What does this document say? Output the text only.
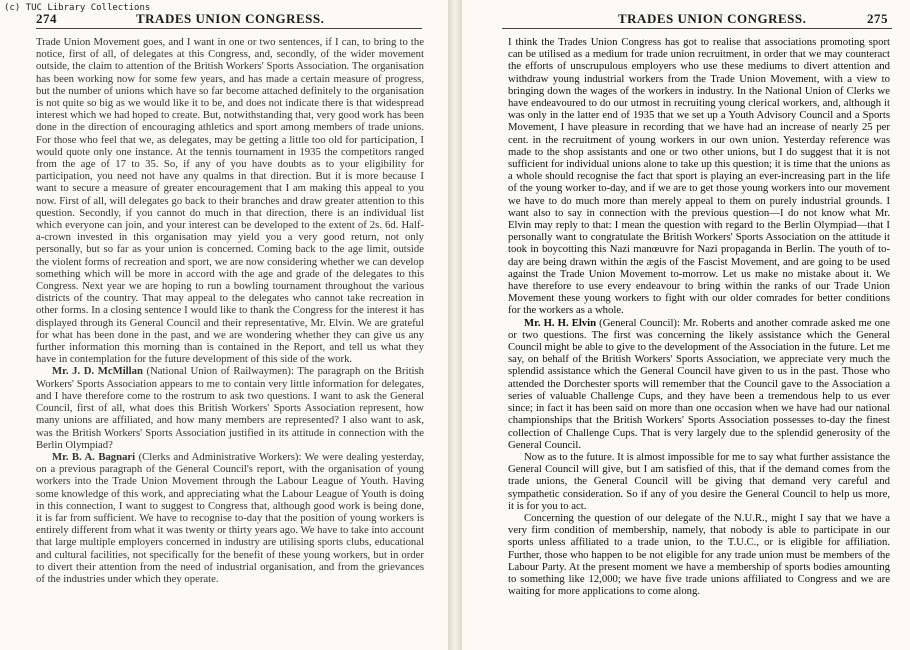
(c) TUC Library Collections
274	TRADES UNION CONGRESS.

Trade Union Movement goes, and I want in one or two sentences, if I can, to bring to the notice, first of all, of delegates at this Congress, and, secondly, of the wider movement outside, the claim to attention of the British Workers' Sports Association. The organisation has been working now for some few years, and has made a certain measure of progress, but the number of unions which have so far become attached definitely to the organisation is not quite so big as we would like it to be, and does not indicate there is that widespread interest which we had hoped to create. But, notwithstanding that, very good work has been done in the direction of encouraging athletics and sport among members of trade unions. For those who feel that we, as delegates, may be getting a little too old for participation, I would quote only one instance. At the tennis tournament in 1935 the competitors ranged from the age of 17 to 35. So, if any of you have doubts as to your eligibility for participation, you need not have any qualms in that direction. But it is more because I want to secure a measure of greater encouragement that I am making this appeal to you now. First of all, will delegates go back to their branches and draw greater attention to this question. Secondly, if you cannot do much in that direction, there is an individual list which everyone can join, and your interest can be developed to the extent of 2s. 6d. Half-a-crown invested in this organisation may yield you a very good return, not only personally, but so far as your union is concerned. Coming back to the age limit, outside the violent forms of recreation and sport, we are now considering whether we can develop something which will be more in accord with the age and grade of the delegates to this Congress. Next year we are hoping to run a bowling tournament throughout the various districts of the country. That may appeal to the delegates who cannot take recreation in other forms. In a closing sentence I would like to thank the Congress for the interest it has displayed through its General Council and their representative, Mr. Elvin. We are grateful for what has been done in the past, and we are wondering whether they can give us any further information this morning than is contained in the Report, and tell us what they have in contemplation for the future development of this side of the work.

Mr. J. D. McMillan (National Union of Railwaymen): The paragraph on the British Workers' Sports Association appears to me to contain very little information for delegates, and I have therefore come to the rostrum to ask two questions. I want to ask the General Council, first of all, what does this British Workers' Sports Association represent, how many unions are affiliated, and how many members are represented? I also want to ask, was the British Workers' Sports Association justified in its attitude in connection with the Berlin Olympiad?

Mr. B. A. Bagnari (Clerks and Administrative Workers): We were dealing yesterday, on a previous paragraph of the General Council's report, with the organisation of young workers into the Trade Union Movement through the Labour League of Youth. Having some knowledge of this work, and appreciating what the Labour League of Youth is doing in this connection, I want to suggest to Congress that, although good work is being done, it is far from sufficient. We have to recognise to-day that the position of young workers is entirely different from what it was twenty or thirty years ago. We have to take into account that large multiple employers concerned in industry are utilising sports clubs, educational and cultural facilities, not specifically for the benefit of these young workers, but in order to divert their attention from the need of industrial organisation, and from the grievances of the industries under which they operate.

TRADES UNION CONGRESS.	275

I think the Trades Union Congress has got to realise that associations promoting sport can be utilised as a medium for trade union recruitment, in order that we may counteract the efforts of unscrupulous employers who use these mediums to divert attention and withdraw young industrial workers from the Trade Union Movement, with a view to bringing down the wages of the workers in industry. In the National Union of Clerks we have endeavoured to do our utmost in recruiting young clerical workers, and, although it was only in the latter end of 1935 that we set up a Youth Advisory Council and a Sports Movement, I have pleasure in recording that we have had an increase of nearly 25 per cent. in the recruitment of young workers in our own union. Yesterday reference was made to the shop assistants and one or two other unions, but I do suggest that it is not sufficient for individual unions alone to take up this question; it is time that the unions as a whole should recognise the fact that sport is playing an ever-increasing part in the life of the young worker to-day, and if we are to get those young workers into our movement we have to do much more than merely appeal to them on purely industrial grounds. I want also to say in connection with the previous question—I do not know what Mr. Elvin may reply to that: I mean the question with regard to the Berlin Olympiad—that I personally want to congratulate the British Workers' Sports Association on the attitude it took in boycotting this Nazi manœuvre for Nazi propaganda in Berlin. The youth of to-day are being drawn within the ægis of the Fascist Movement, and are going to be used against the Trade Union Movement to-morrow. Let us make no mistake about it. We have therefore to use every endeavour to bring within the ranks of our Trade Union Movement these young workers to fight with our older comrades for better conditions for the workers as a whole.

Mr. H. H. Elvin (General Council): Mr. Roberts and another comrade asked me one or two questions. The first was concerning the likely assistance which the General Council might be able to give to the development of the Association in the future. Let me say, on behalf of the British Workers' Sports Association, we appreciate very much the splendid assistance which the General Council have given to us in the past. Those who attended the Dorchester sports will remember that the Council gave to the Association a series of valuable Challenge Cups, and they have been a tremendous help to us ever since; in fact it has been said on more than one occasion when we have had our national championships that the British Workers' Sports Association possesses to-day the finest collection of Challenge Cups. That is very largely due to the splendid generosity of the General Council.

Now as to the future. It is almost impossible for me to say what further assistance the General Council will give, but I am satisfied of this, that if the demand comes from the trade unions, the General Council will be giving that demand very careful and sympathetic consideration. So if any of you desire the General Council to help us more, it is for you to act.

Concerning the question of our delegate of the N.U.R., might I say that we have a very firm condition of membership, namely, that nobody is able to participate in our sports unless affiliated to a trade union, to the T.U.C., or is eligible for affiliation. Further, those who happen to be not eligible for any trade union must be members of the Labour Party. At the present moment we have a membership of sports bodies amounting to something like 12,000; we have five trade unions affiliated to Congress and we are waiting for more applications to come along.
